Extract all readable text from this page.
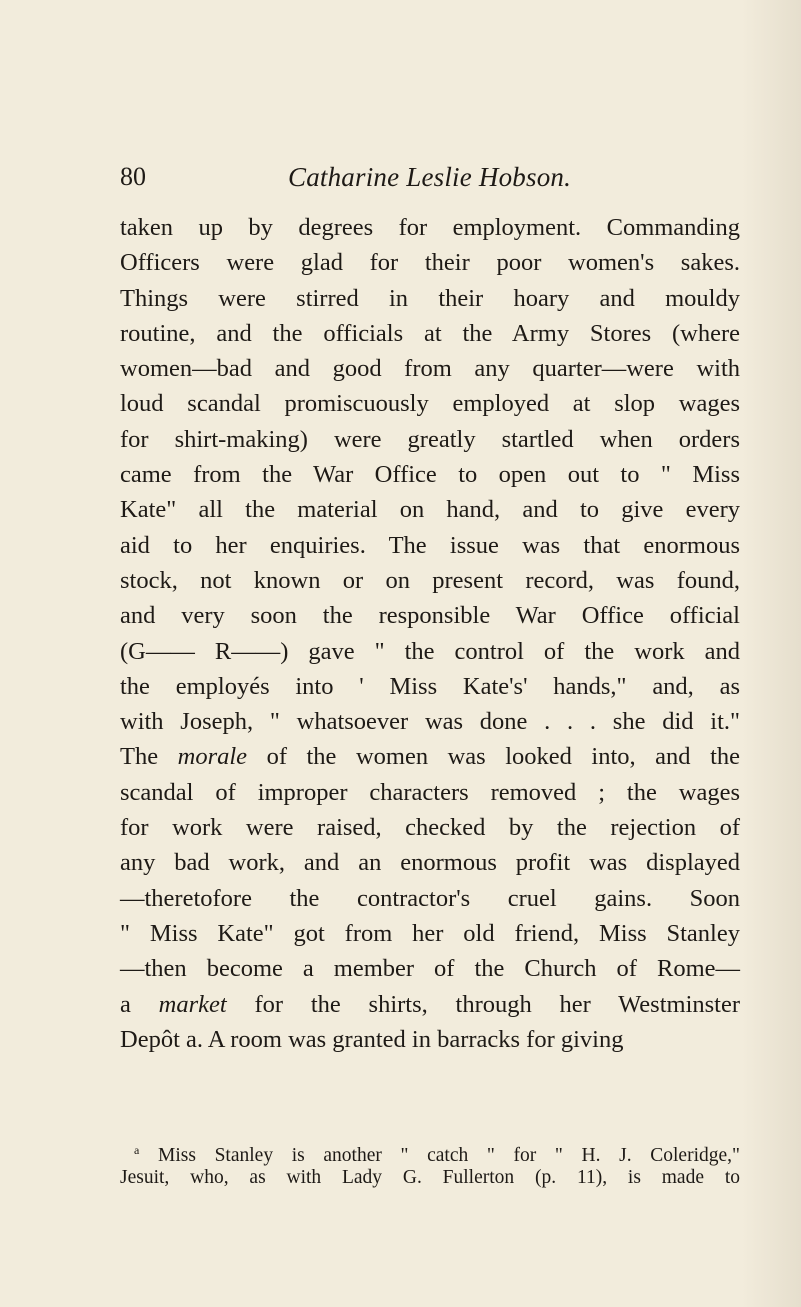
80	Catharine Leslie Hobson.
taken up by degrees for employment. Commanding
Officers were glad for their poor women's sakes.
Things were stirred in their hoary and mouldy
routine, and the officials at the Army Stores (where
women—bad and good from any quarter—were with
loud scandal promiscuously employed at slop wages
for shirt-making) were greatly startled when orders
came from the War Office to open out to " Miss
Kate" all the material on hand, and to give every
aid to her enquiries. The issue was that enormous
stock, not known or on present record, was found,
and very soon the responsible War Office official
(G—— R——) gave " the control of the work and
the employés into ' Miss Kate's' hands," and, as
with Joseph, " whatsoever was done . . . she did it."
The morale of the women was looked into, and the
scandal of improper characters removed ; the wages
for work were raised, checked by the rejection of
any bad work, and an enormous profit was displayed
—theretofore the contractor's cruel gains. Soon
" Miss Kate" got from her old friend, Miss Stanley
—then become a member of the Church of Rome—
a market for the shirts, through her Westminster
Depôt a. A room was granted in barracks for giving
$^a$ Miss Stanley is another " catch " for " H. J. Coleridge,"
Jesuit, who, as with Lady G. Fullerton (p. 11), is made to
